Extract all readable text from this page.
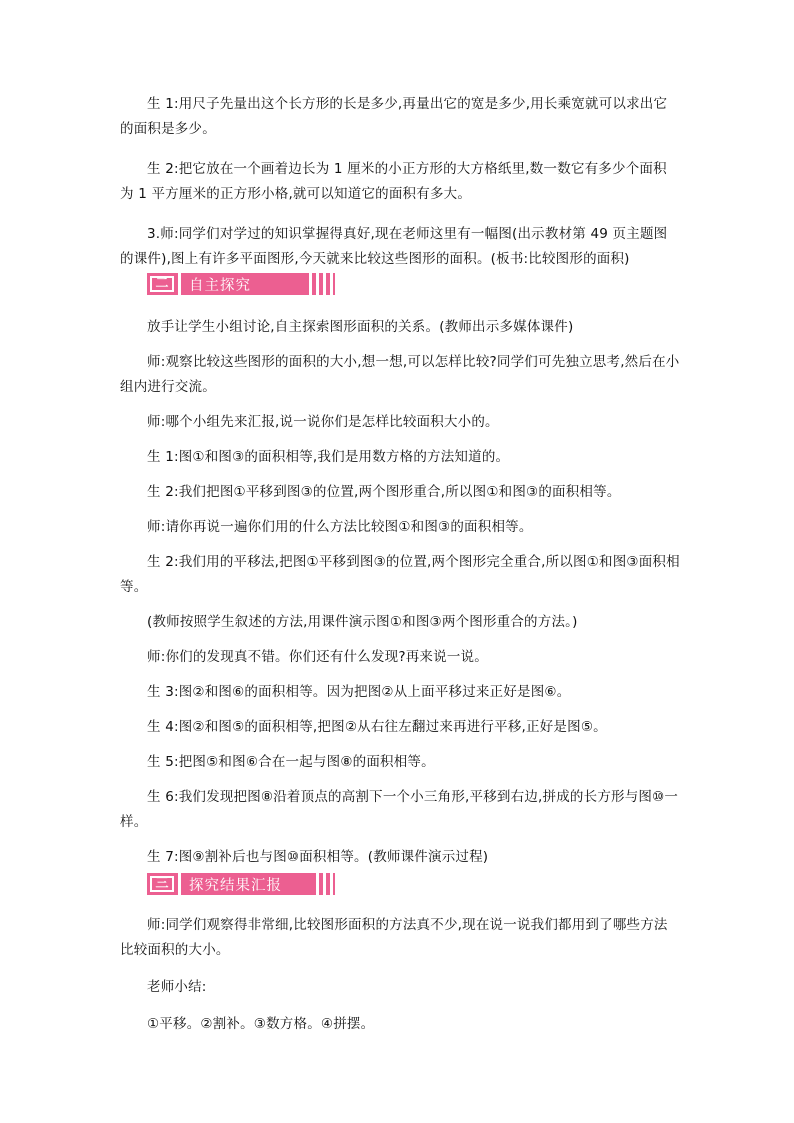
生 1:用尺子先量出这个长方形的长是多少,再量出它的宽是多少,用长乘宽就可以求出它的面积是多少。

生 2:把它放在一个画着边长为 1 厘米的小正方形的大方格纸里,数一数它有多少个面积为 1 平方厘米的正方形小格,就可以知道它的面积有多大。

3.师:同学们对学过的知识掌握得真好,现在老师这里有一幅图(出示教材第 49 页主题图的课件),图上有许多平面图形,今天就来比较这些图形的面积。(板书:比较图形的面积)

二	自主探究

放手让学生小组讨论,自主探索图形面积的关系。(教师出示多媒体课件)

师:观察比较这些图形的面积的大小,想一想,可以怎样比较?同学们可先独立思考,然后在小组内进行交流。

师:哪个小组先来汇报,说一说你们是怎样比较面积大小的。

生 1:图①和图③的面积相等,我们是用数方格的方法知道的。

生 2:我们把图①平移到图③的位置,两个图形重合,所以图①和图③的面积相等。

师:请你再说一遍你们用的什么方法比较图①和图③的面积相等。

生 2:我们用的平移法,把图①平移到图③的位置,两个图形完全重合,所以图①和图③面积相等。

(教师按照学生叙述的方法,用课件演示图①和图③两个图形重合的方法。)

师:你们的发现真不错。你们还有什么发现?再来说一说。

生 3:图②和图⑥的面积相等。因为把图②从上面平移过来正好是图⑥。

生 4:图②和图⑤的面积相等,把图②从右往左翻过来再进行平移,正好是图⑤。

生 5:把图⑤和图⑥合在一起与图⑧的面积相等。

生 6:我们发现把图⑧沿着顶点的高割下一个小三角形,平移到右边,拼成的长方形与图⑩一样。

生 7:图⑨割补后也与图⑩面积相等。(教师课件演示过程)

三	探究结果汇报

师:同学们观察得非常细,比较图形面积的方法真不少,现在说一说我们都用到了哪些方法比较面积的大小。

老师小结:

①平移。②割补。③数方格。④拼摆。
